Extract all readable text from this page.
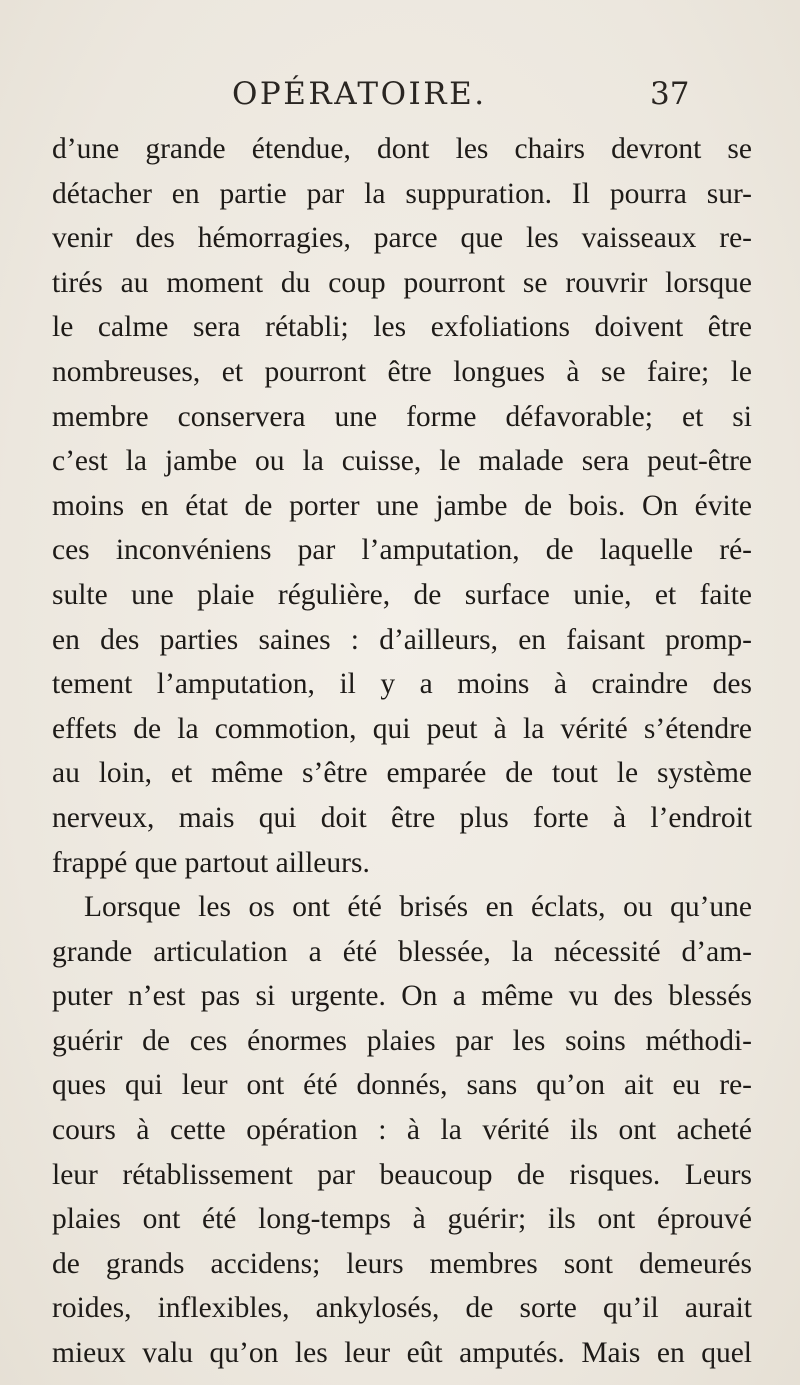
OPÉRATOIRE.	37
d’une grande étendue, dont les chairs devront se
détacher en partie par la suppuration. Il pourra sur-
venir des hémorragies, parce que les vaisseaux re-
tirés au moment du coup pourront se rouvrir lorsque
le calme sera rétabli; les exfoliations doivent être
nombreuses, et pourront être longues à se faire; le
membre conservera une forme défavorable; et si
c’est la jambe ou la cuisse, le malade sera peut-être
moins en état de porter une jambe de bois. On évite
ces inconvéniens par l’amputation, de laquelle ré-
sulte une plaie régulière, de surface unie, et faite
en des parties saines : d’ailleurs, en faisant promp-
tement l’amputation, il y a moins à craindre des
effets de la commotion, qui peut à la vérité s’étendre
au loin, et même s’être emparée de tout le système
nerveux, mais qui doit être plus forte à l’endroit
frappé que partout ailleurs.
Lorsque les os ont été brisés en éclats, ou qu’une
grande articulation a été blessée, la nécessité d’am-
puter n’est pas si urgente. On a même vu des blessés
guérir de ces énormes plaies par les soins méthodi-
ques qui leur ont été donnés, sans qu’on ait eu re-
cours à cette opération : à la vérité ils ont acheté
leur rétablissement par beaucoup de risques. Leurs
plaies ont été long-temps à guérir; ils ont éprouvé
de grands accidens; leurs membres sont demeurés
roides, inflexibles, ankylosés, de sorte qu’il aurait
mieux valu qu’on les leur eût amputés. Mais en quel
